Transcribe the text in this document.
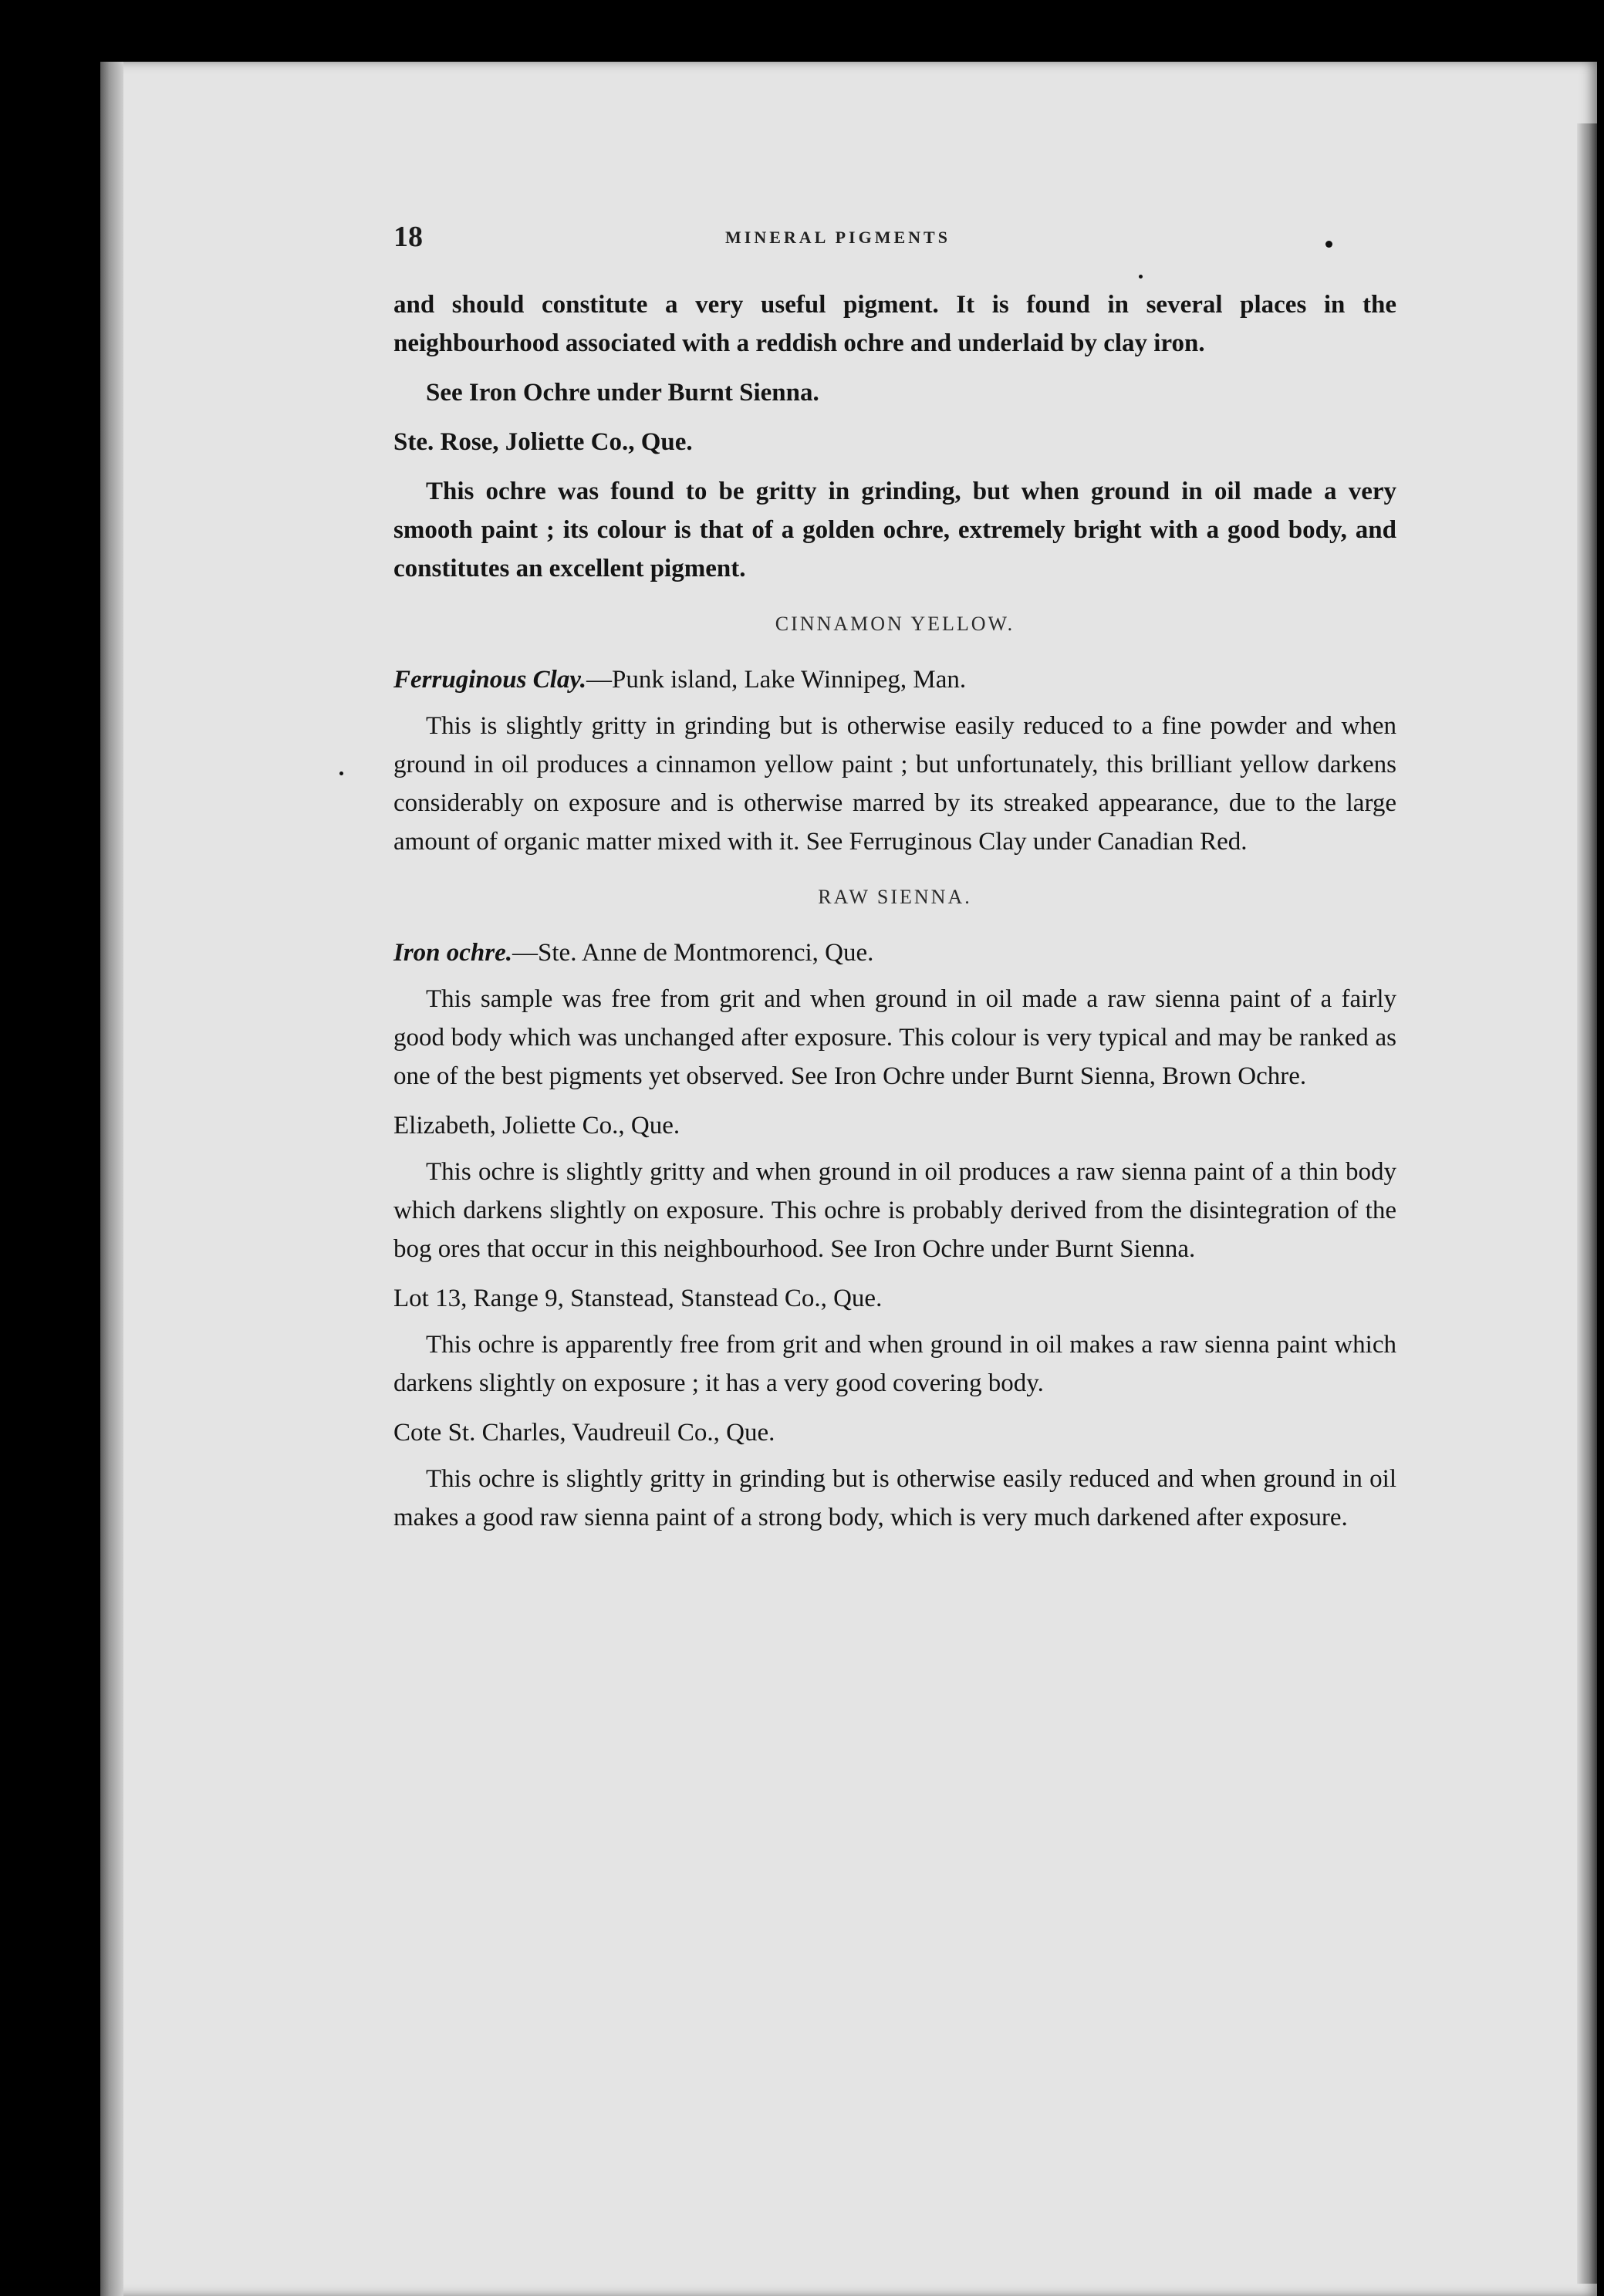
18	MINERAL PIGMENTS

and should constitute a very useful pigment. It is found in several places in the neighbourhood associated with a reddish ochre and underlaid by clay iron.

See Iron Ochre under Burnt Sienna.

Ste. Rose, Joliette Co., Que.

This ochre was found to be gritty in grinding, but when ground in oil made a very smooth paint ; its colour is that of a golden ochre, extremely bright with a good body, and constitutes an excellent pigment.

CINNAMON YELLOW.

Ferruginous Clay.—Punk island, Lake Winnipeg, Man.

This is slightly gritty in grinding but is otherwise easily reduced to a fine powder and when ground in oil produces a cinnamon yellow paint ; but unfortunately, this brilliant yellow darkens considerably on exposure and is otherwise marred by its streaked appearance, due to the large amount of organic matter mixed with it. See Ferruginous Clay under Canadian Red.

RAW SIENNA.

Iron ochre.—Ste. Anne de Montmorenci, Que.

This sample was free from grit and when ground in oil made a raw sienna paint of a fairly good body which was unchanged after exposure. This colour is very typical and may be ranked as one of the best pigments yet observed. See Iron Ochre under Burnt Sienna, Brown Ochre.

Elizabeth, Joliette Co., Que.

This ochre is slightly gritty and when ground in oil produces a raw sienna paint of a thin body which darkens slightly on exposure. This ochre is probably derived from the disintegration of the bog ores that occur in this neighbourhood. See Iron Ochre under Burnt Sienna.

Lot 13, Range 9, Stanstead, Stanstead Co., Que.

This ochre is apparently free from grit and when ground in oil makes a raw sienna paint which darkens slightly on exposure ; it has a very good covering body.

Cote St. Charles, Vaudreuil Co., Que.

This ochre is slightly gritty in grinding but is otherwise easily reduced and when ground in oil makes a good raw sienna paint of a strong body, which is very much darkened after exposure.
